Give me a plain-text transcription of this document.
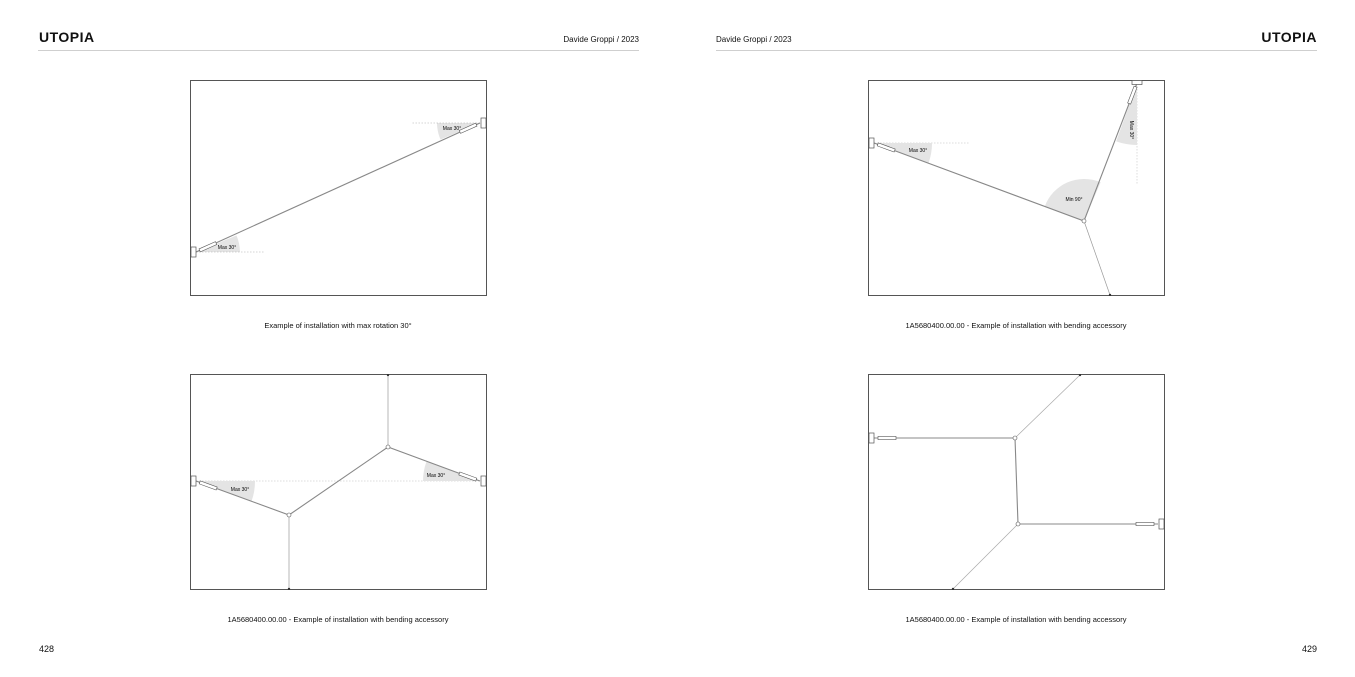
UTOPIA	Davide Groppi / 2023
Max 30°
Max 30°
Example of installation with max rotation 30°
Max 30°
Max 30°
1A5680400.00.00 - Example of installation with bending accessory
428
Davide Groppi / 2023	UTOPIA
Max 30°
Min 90°
Max 30°
1A5680400.00.00 - Example of installation with bending accessory
1A5680400.00.00 - Example of installation with bending accessory
429
